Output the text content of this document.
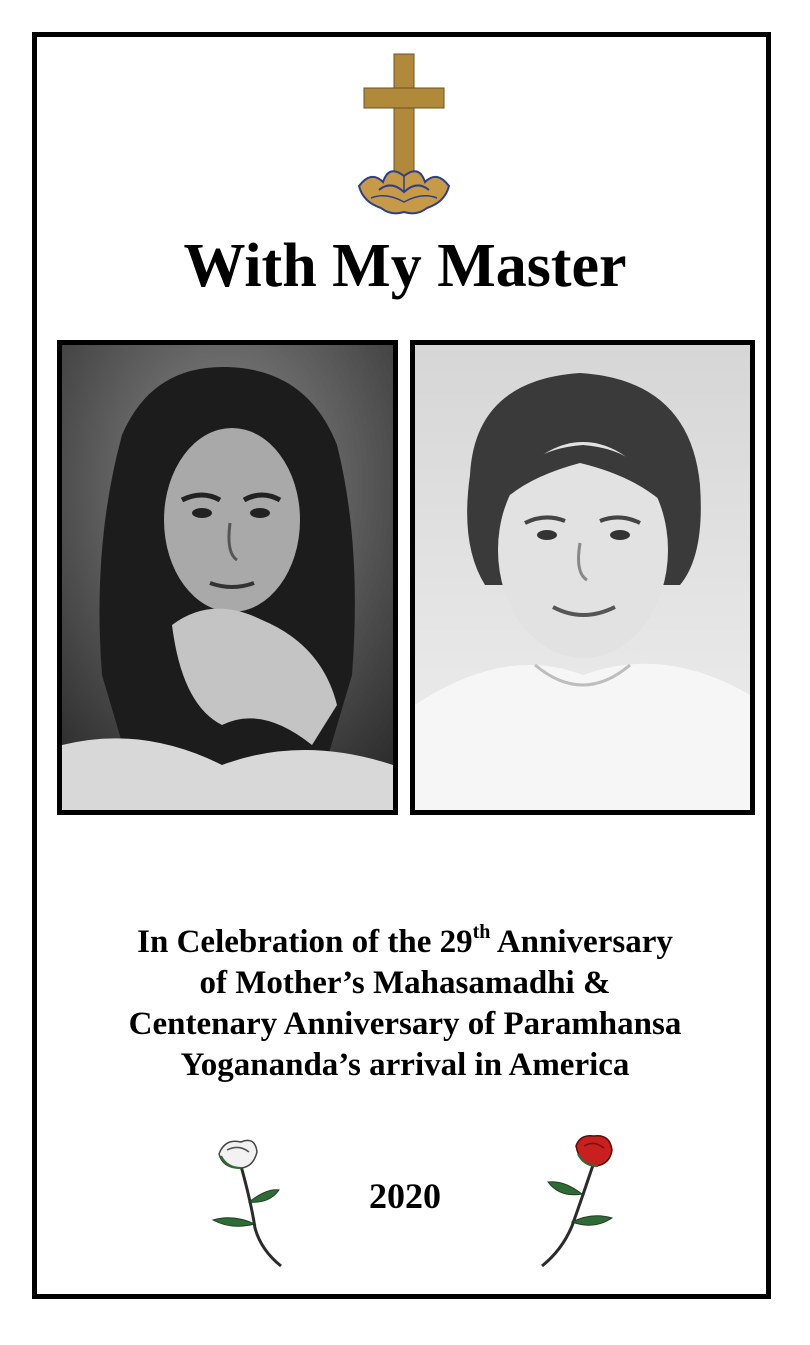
With My Master
In Celebration of the 29th Anniversary
of Mother’s Mahasamadhi &
Centenary Anniversary of Paramhansa
Yogananda’s arrival in America
2020
